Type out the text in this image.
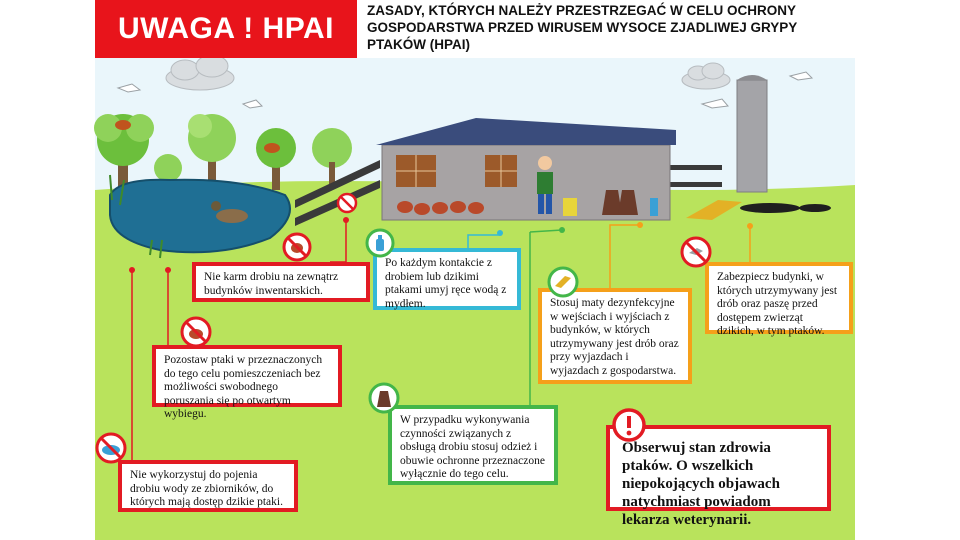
UWAGA ! HPAI
ZASADY, KTÓRYCH NALEŻY PRZESTRZEGAĆ W CELU OCHRONY GOSPODARSTWA PRZED WIRUSEM WYSOCE ZJADLIWEJ GRYPY PTAKÓW (HPAI)
Nie karm drobiu na zewnątrz budynków inwentarskich.
Po każdym kontakcie z drobiem lub dzikimi ptakami umyj ręce wodą z mydłem.
Zabezpiecz budynki, w których utrzymywany jest drób oraz paszę przed dostępem zwierząt dzikich, w tym ptaków.
Stosuj maty dezynfekcyjne w wejściach i wyjściach z budynków, w których utrzymywany jest drób oraz przy wyjazdach i wyjazdach z gospodarstwa.
Pozostaw ptaki w przeznaczonych do tego celu pomieszczeniach bez możliwości swobodnego poruszania się po otwartym wybiegu.	W przypadku wykonywania czynności związanych z obsługą drobiu stosuj odzież i obuwie ochronne przeznaczone wyłącznie do tego celu.
Nie wykorzystuj do pojenia drobiu wody ze zbiorników, do których mają dostęp dzikie ptaki.
Obserwuj stan zdrowia ptaków. O wszelkich niepokojących objawach natychmiast powiadom lekarza weterynarii.
